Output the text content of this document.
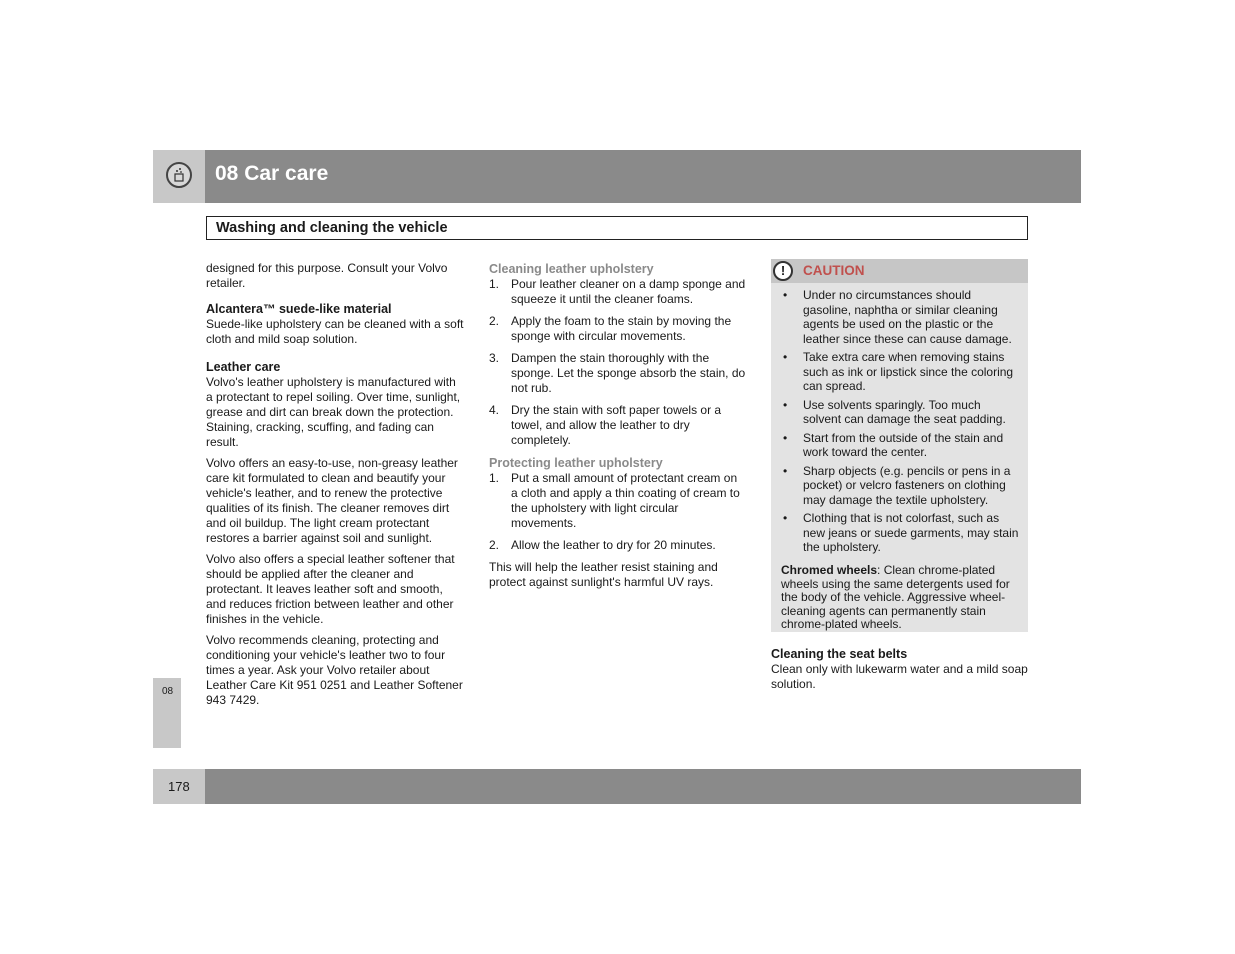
08 Car care
Washing and cleaning the vehicle

designed for this purpose. Consult your Volvo retailer.

Alcantera™ suede-like material

Suede-like upholstery can be cleaned with a soft cloth and mild soap solution.

Leather care

Volvo's leather upholstery is manufactured with a protectant to repel soiling. Over time, sunlight, grease and dirt can break down the protection. Staining, cracking, scuffing, and fading can result.

Volvo offers an easy-to-use, non-greasy leather care kit formulated to clean and beautify your vehicle's leather, and to renew the protective qualities of its finish. The cleaner removes dirt and oil buildup. The light cream protectant restores a barrier against soil and sunlight.

Volvo also offers a special leather softener that should be applied after the cleaner and protectant. It leaves leather soft and smooth, and reduces friction between leather and other finishes in the vehicle.

Volvo recommends cleaning, protecting and conditioning your vehicle's leather two to four times a year. Ask your Volvo retailer about Leather Care Kit 951 0251 and Leather Softener 943 7429.

Cleaning leather upholstery
1. Pour leather cleaner on a damp sponge and squeeze it until the cleaner foams.
2. Apply the foam to the stain by moving the sponge with circular movements.
3. Dampen the stain thoroughly with the sponge. Let the sponge absorb the stain, do not rub.
4. Dry the stain with soft paper towels or a towel, and allow the leather to dry completely.
Protecting leather upholstery
1. Put a small amount of protectant cream on a cloth and apply a thin coating of cream to the upholstery with light circular movements.
2. Allow the leather to dry for 20 minutes.

This will help the leather resist staining and protect against sunlight's harmful UV rays.

!	CAUTION
• Under no circumstances should gasoline, naphtha or similar cleaning agents be used on the plastic or the leather since these can cause damage.
• Take extra care when removing stains such as ink or lipstick since the coloring can spread.
• Use solvents sparingly. Too much solvent can damage the seat padding.
• Start from the outside of the stain and work toward the center.
• Sharp objects (e.g. pencils or pens in a pocket) or velcro fasteners on clothing may damage the textile upholstery.
• Clothing that is not colorfast, such as new jeans or suede garments, may stain the upholstery.

Chromed wheels: Clean chrome-plated wheels using the same detergents used for the body of the vehicle. Aggressive wheel-cleaning agents can permanently stain chrome-plated wheels.

Cleaning the seat belts

Clean only with lukewarm water and a mild soap solution.

08
178
